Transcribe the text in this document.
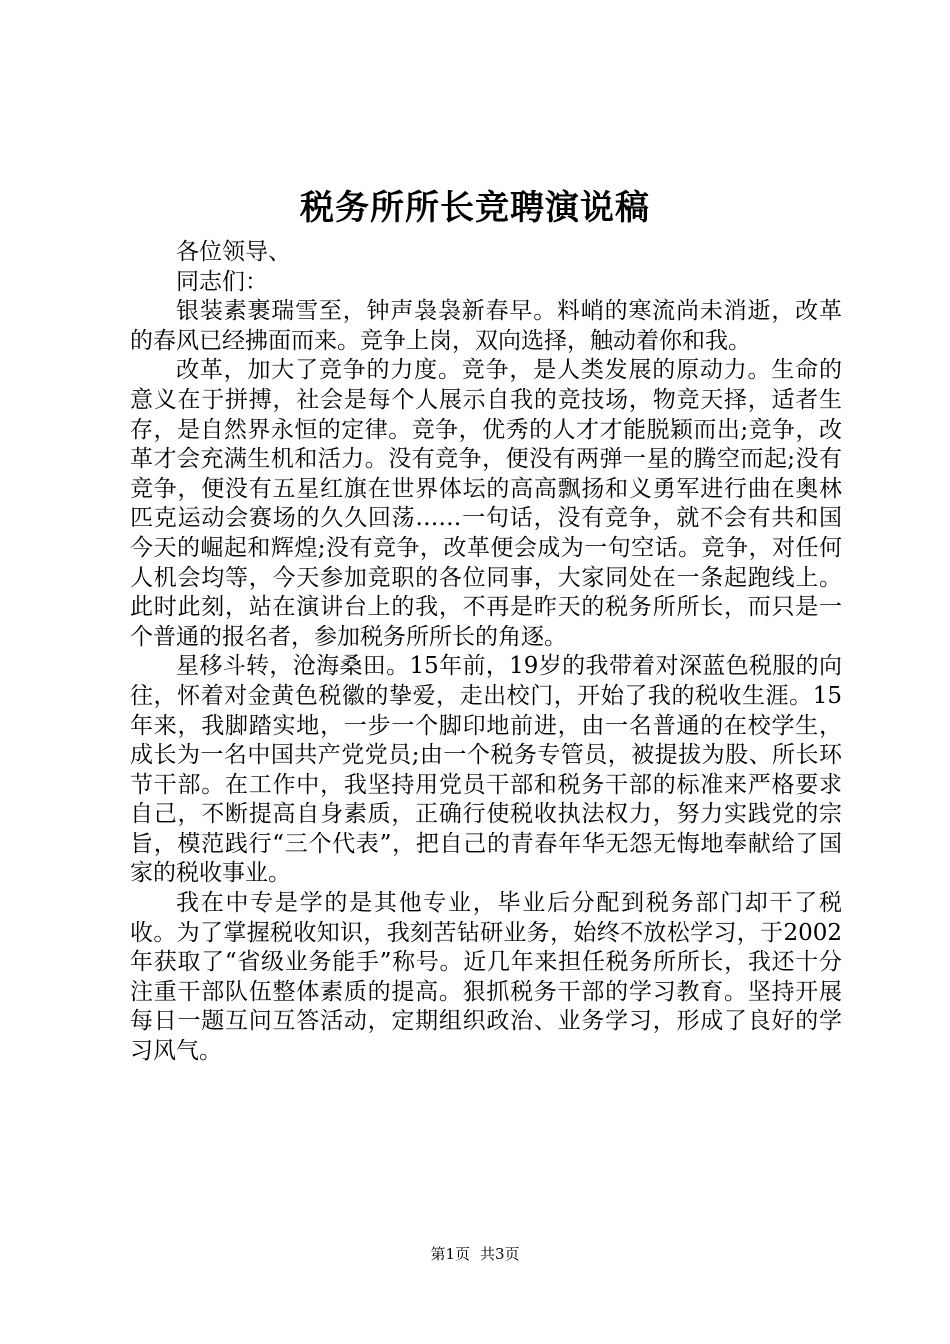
税务所所长竞聘演说稿

各位领导、

同志们：

银装素裹瑞雪至，钟声袅袅新春早。料峭的寒流尚未消逝，改革的春风已经拂面而来。竞争上岗，双向选择，触动着你和我。

改革，加大了竞争的力度。竞争，是人类发展的原动力。生命的意义在于拼搏，社会是每个人展示自我的竞技场，物竞天择，适者生存，是自然界永恒的定律。竞争，优秀的人才才能脱颖而出;竞争，改革才会充满生机和活力。没有竞争，便没有两弹一星的腾空而起;没有竞争，便没有五星红旗在世界体坛的高高飘扬和义勇军进行曲在奥林匹克运动会赛场的久久回荡……一句话，没有竞争，就不会有共和国今天的崛起和辉煌;没有竞争，改革便会成为一句空话。竞争，对任何人机会均等，今天参加竞职的各位同事，大家同处在一条起跑线上。此时此刻，站在演讲台上的我，不再是昨天的税务所所长，而只是一个普通的报名者，参加税务所所长的角逐。

星移斗转，沧海桑田。15年前，19岁的我带着对深蓝色税服的向往，怀着对金黄色税徽的挚爱，走出校门，开始了我的税收生涯。15年来，我脚踏实地，一步一个脚印地前进，由一名普通的在校学生，成长为一名中国共产党党员;由一个税务专管员，被提拔为股、所长环节干部。在工作中，我坚持用党员干部和税务干部的标准来严格要求自己，不断提高自身素质，正确行使税收执法权力，努力实践党的宗旨，模范践行“三个代表”，把自己的青春年华无怨无悔地奉献给了国家的税收事业。

我在中专是学的是其他专业，毕业后分配到税务部门却干了税收。为了掌握税收知识，我刻苦钻研业务，始终不放松学习，于2002年获取了“省级业务能手”称号。近几年来担任税务所所长，我还十分注重干部队伍整体素质的提高。狠抓税务干部的学习教育。坚持开展每日一题互问互答活动，定期组织政治、业务学习，形成了良好的学习风气。

第1页 共3页
